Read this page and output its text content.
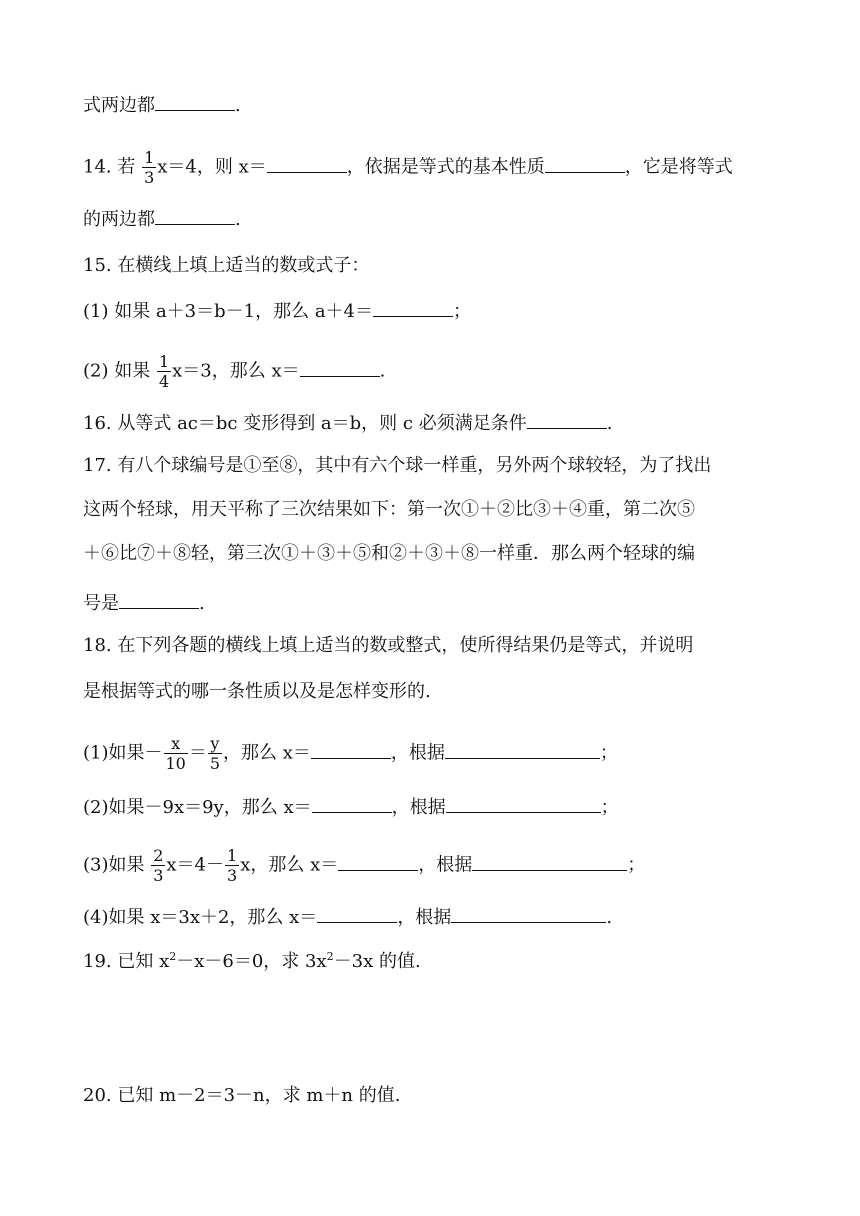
式两边都	.
14. 若 $\frac{1}{3} x=4$，则 x＝	，依据是等式的基本性质	，它是将等式
的两边都	.
15. 在横线上填上适当的数或式子：
(1) 如果 a＋3＝b－1，那么 a＋4＝	；
(2) 如果 $\frac{1}{4} x=3$，那么 x＝	.
16. 从等式 ac＝bc 变形得到 a＝b，则 c 必须满足条件	.
17. 有八个球编号是①至⑧，其中有六个球一样重，另外两个球较轻，为了找出
这两个轻球，用天平称了三次结果如下：第一次①＋②比③＋④重，第二次⑤
＋⑥比⑦＋⑧轻，第三次①＋③＋⑤和②＋③＋⑧一样重．那么两个轻球的编
号是	.
18. 在下列各题的横线上填上适当的数或整式，使所得结果仍是等式，并说明
是根据等式的哪一条性质以及是怎样变形的.
(1)如果－ $\frac{x}{10} = \frac{y}{5}$ ，那么 x＝	，根据	；
(2)如果－9x＝9y，那么 x＝	，根据	；
(3)如果 $\frac{2}{3} x=4- \frac{1}{3}$ x，那么 x＝	，根据	；
(4)如果 x＝3x＋2，那么 x＝	，根据	.
19. 已知 $x^2-x-6=0$，求 $3x^2-3x$ 的值.
20. 已知 m－2＝3－n，求 m＋n 的值.
